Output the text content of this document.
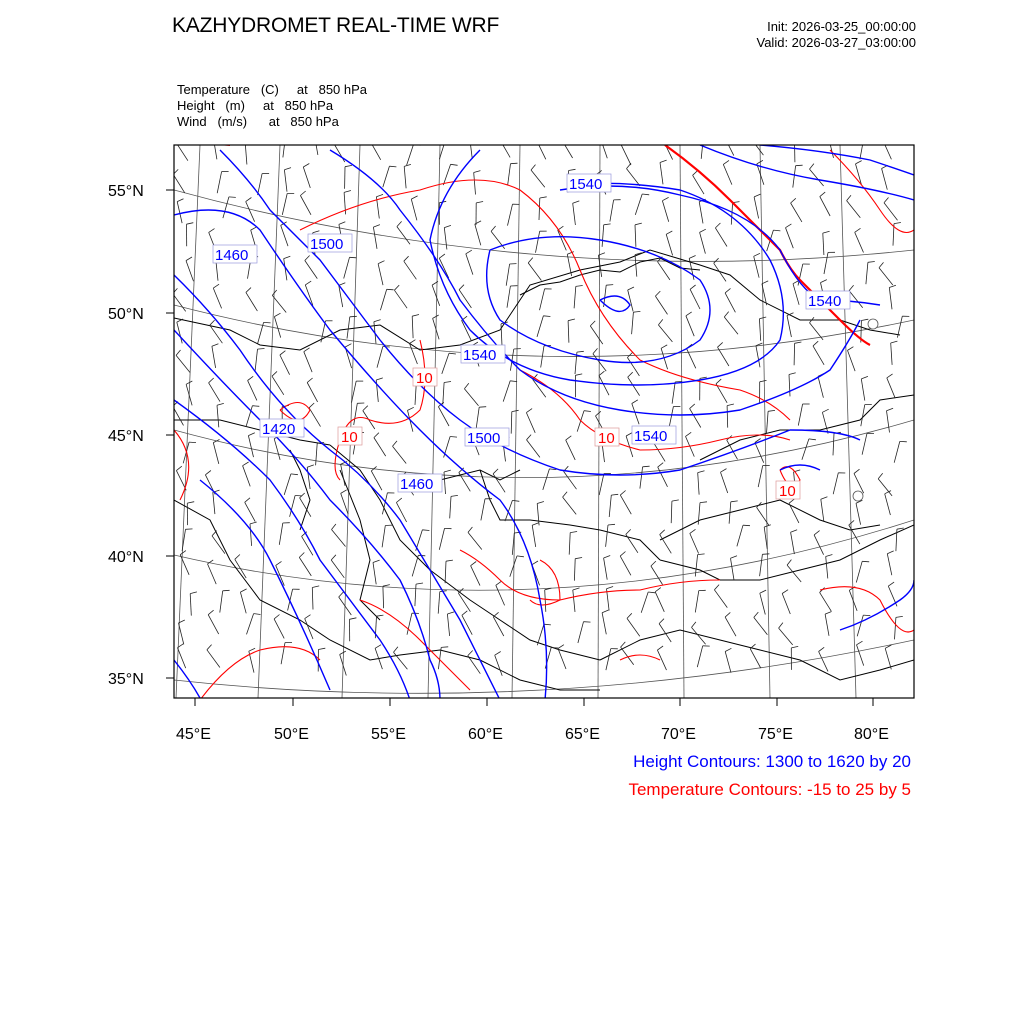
KAZHYDROMET REAL-TIME WRF	Init: 2026-03-25_00:00:00
Valid: 2026-03-27_03:00:00
Temperature   (C)     at   850 hPa
Height   (m)     at   850 hPa
Wind   (m/s)      at   850 hPa
55°N
50°N
45°N
40°N
35°N
45°E	50°E	55°E	60°E	65°E	70°E	75°E	80°E
1540
1460
1500
1540
1540
1420
1500	1540
1460
10
10	10
10
Height Contours: 1300 to 1620 by 20
Temperature Contours: -15 to 25 by 5
